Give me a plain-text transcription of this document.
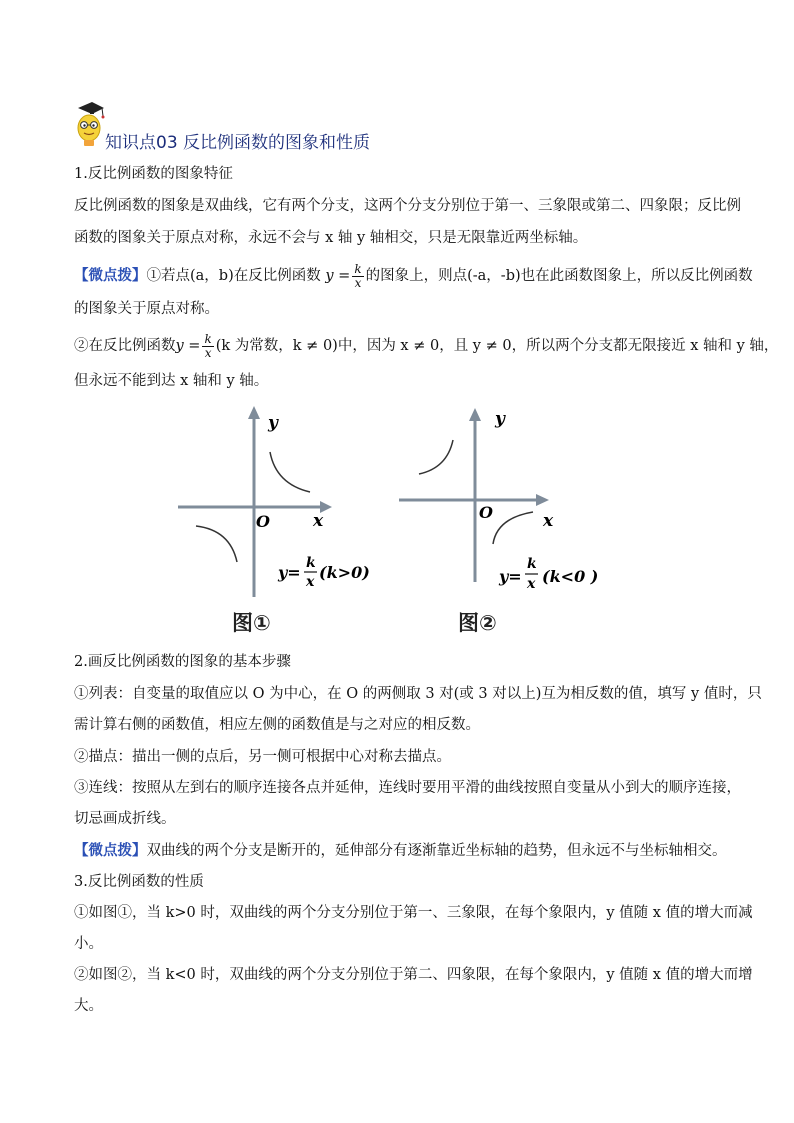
知识点03 反比例函数的图象和性质
1.反比例函数的图象特征
反比例函数的图象是双曲线，它有两个分支，这两个分支分别位于第一、三象限或第二、四象限；反比例
函数的图象关于原点对称，永远不会与 x 轴 y 轴相交，只是无限靠近两坐标轴。
【微点拨】①若点(a，b)在反比例函数 $y = \frac{k}{x}$ 的图象上，则点(-a，-b)也在此函数图象上，所以反比例函数
的图象关于原点对称。
②在反比例函数$y = \frac{k}{x} (k$ 为常数，k ≠ 0)中，因为 x ≠ 0，且 y ≠ 0，所以两个分支都无限接近 x 轴和 y 轴，
但永远不能到达 x 轴和 y 轴。
y
x
O
y= k
x (k>0)
图①
y
x
O
y=
k
x (k<0 )
图②
2.画反比例函数的图象的基本步骤
①列表：自变量的取值应以 O 为中心，在 O 的两侧取 3 对(或 3 对以上)互为相反数的值，填写 y 值时，只
需计算右侧的函数值，相应左侧的函数值是与之对应的相反数。
②描点：描出一侧的点后，另一侧可根据中心对称去描点。
③连线：按照从左到右的顺序连接各点并延伸，连线时要用平滑的曲线按照自变量从小到大的顺序连接，
切忌画成折线。
【微点拨】双曲线的两个分支是断开的，延伸部分有逐渐靠近坐标轴的趋势，但永远不与坐标轴相交。
3.反比例函数的性质
①如图①，当 k>0 时，双曲线的两个分支分别位于第一、三象限，在每个象限内，y 值随 x 值的增大而减
小。
②如图②，当 k<0 时，双曲线的两个分支分别位于第二、四象限，在每个象限内，y 值随 x 值的增大而增
大。
